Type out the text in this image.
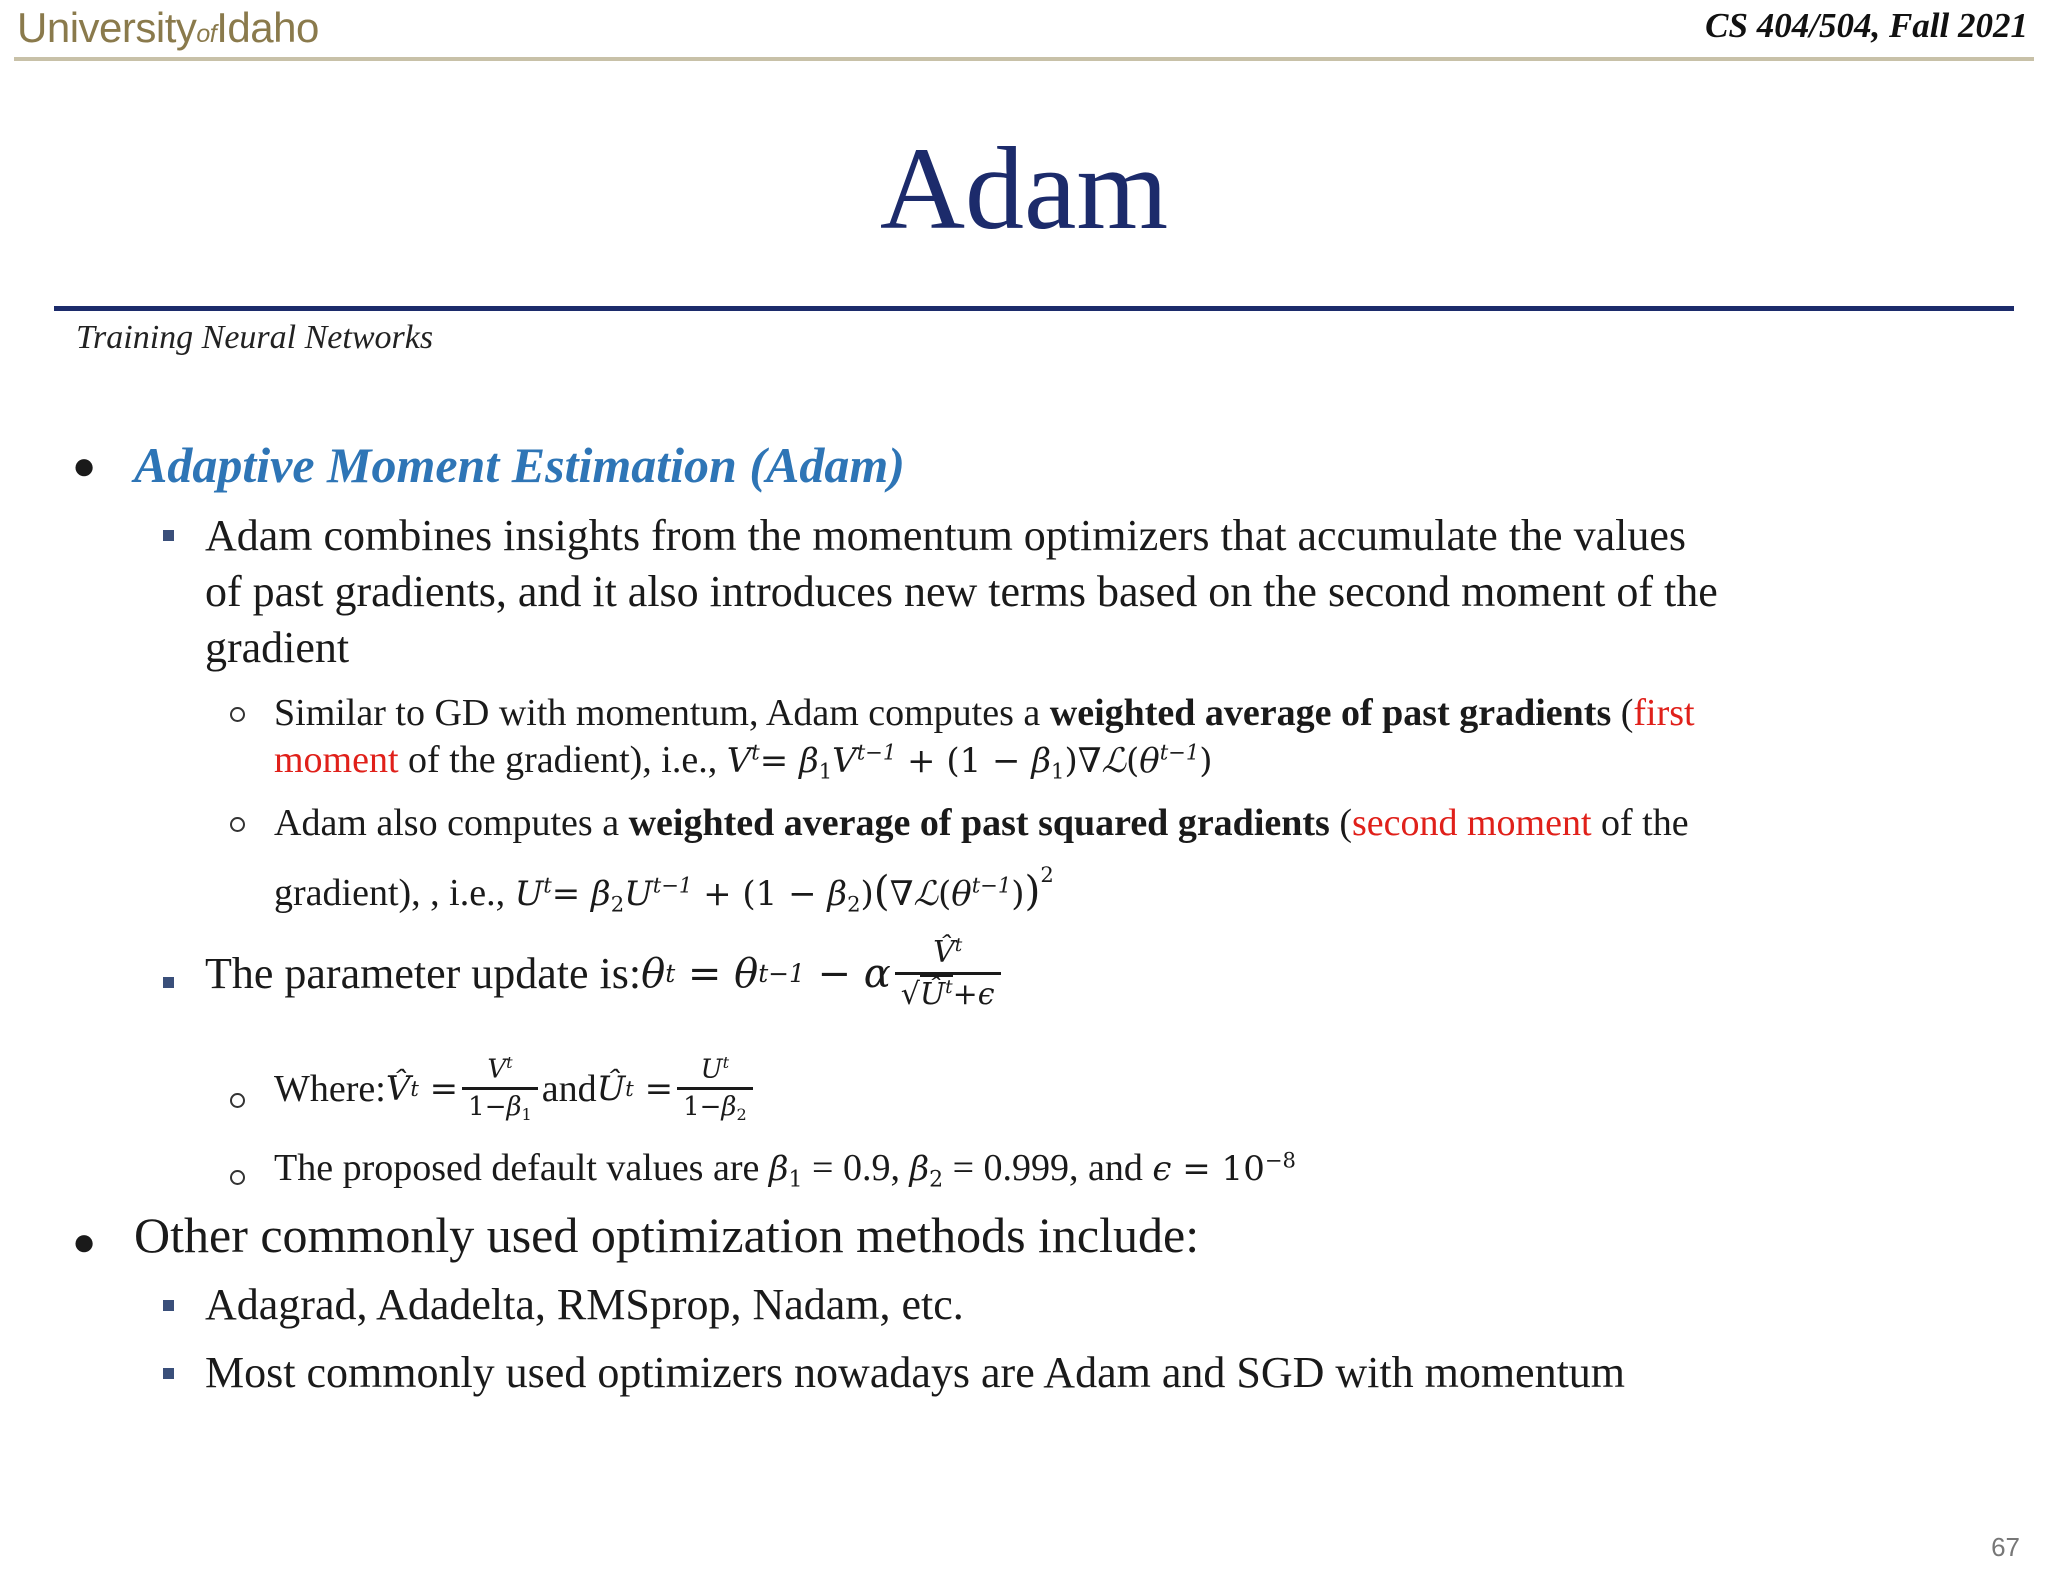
UniversityofIdaho	CS 404/504, Fall 2021
Adam
Training Neural Networks
● Adaptive Moment Estimation (Adam)
Adam combines insights from the momentum optimizers that accumulate the values
of past gradients, and it also introduces new terms based on the second moment of the
gradient
Similar to GD with momentum, Adam computes a weighted average of past gradients (first
moment of the gradient), i.e., $V^t= \beta_1V^{t-1} + (1$ − $\beta_1)\nabla ℒ(\theta^{t-1})$
Adam also computes a weighted average of past squared gradients (second moment of the
gradient), , i.e., $U^t= \beta_2U^{t-1} + (1$ − $\beta_2)(\nabla ℒ(\theta^{t-1}))^2$
The parameter update is: θ t = θ t−1 − α $\frac{V̂^t}{√Û^t+\epsilon}$
Where: V̂ $t = \frac{V^t}{1-\beta_1}$ and Û $t = \frac{U^t}{1-\beta_2}$
The proposed default values are $\beta_1 = 0.9$, $\beta_2 = 0.999$, and $\epsilon = 10^{-8}$
● Other commonly used optimization methods include:
Adagrad, Adadelta, RMSprop, Nadam, etc.
Most commonly used optimizers nowadays are Adam and SGD with momentum
67
